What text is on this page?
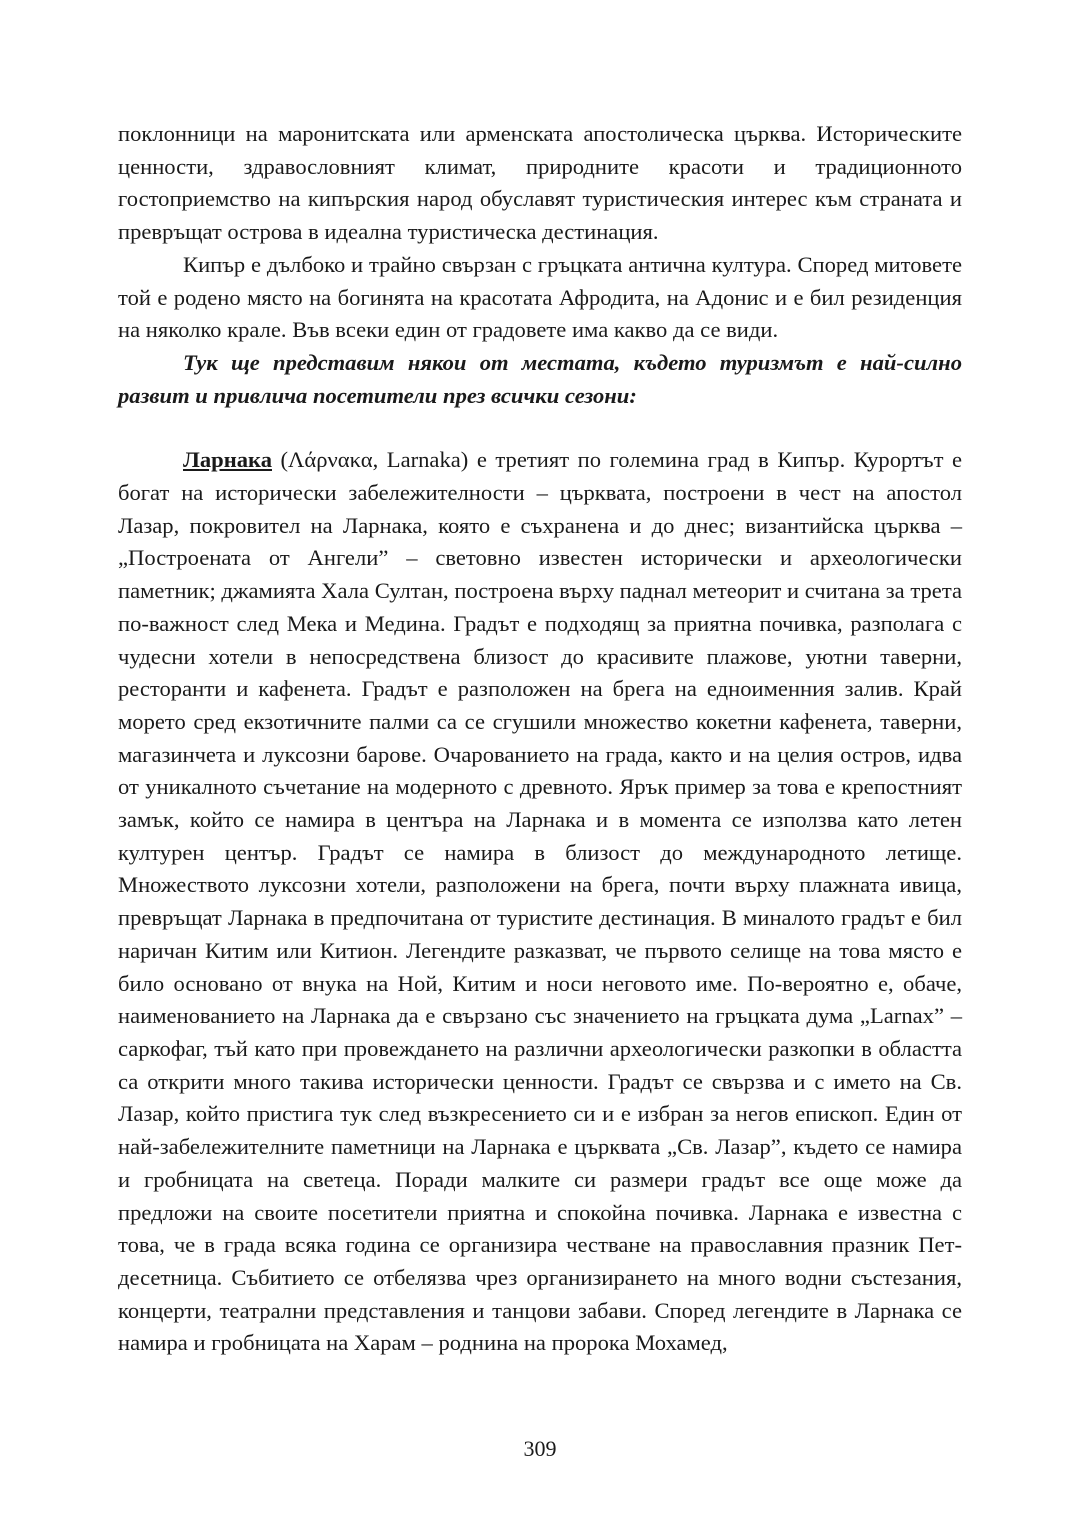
поклонници на маронитската или арменската апостолическа църква. Историческите ценности, здравословният климат, природните красоти и традиционното гостоприемство на кипърския народ обуславят туристическия интерес към страната и превръщат острова в идеална туристическа дестинация.

Кипър е дълбоко и трайно свързан с гръцката антична култура. Според митовете той е родено място на богинята на красотата Афродита, на Адонис и е бил резиденция на няколко крале. Във всеки един от градовете има какво да се види.

Тук ще представим някои от местата, където туризмът е най-силно развит и привлича посетители през всички сезони:

Ларнака (Λάρνακα, Larnaka) е третият по големина град в Кипър. Курортът е богат на исторически забележителности – църквата, построени в чест на апостол Лазар, покровител на Ларнака, която е съхранена и до днес; византийска църква – „Построената от Ангели” – световно известен исторически и археологически паметник; джамията Хала Султан, построена върху паднал метеорит и считана за трета по-важност след Мека и Медина. Градът е подходящ за приятна почивка, разполага с чудесни хотели в непосредствена близост до красивите плажове, уютни таверни, ресторанти и кафенета. Градът е разположен на брега на едноименния залив. Край морето сред екзотичните палми са се сгушили множество кокетни кафенета, таверни, магазинчета и луксозни барове. Очарованието на града, както и на целия остров, идва от уникалното съчетание на модерното с древното. Ярък пример за това е крепостният замък, който се намира в центъра на Ларнака и в момента се използва като летен културен център. Градът се намира в близост до международното летище. Множеството луксозни хотели, разположени на брега, почти върху плажната ивица, превръщат Ларнака в предпочитана от туристите дестинация. В миналото градът е бил наричан Китим или Китион. Легендите разказват, че първото селище на това място е било основано от внука на Ной, Китим и носи неговото име. По-вероятно е, обаче, наименованието на Ларнака да е свързано със значението на гръцката дума „Larnax” – саркофаг, тъй като при провеждането на различни археологически разкопки в областта са открити много такива исторически ценности. Градът се свързва и с името на Св. Лазар, който пристига тук след възкресението си и е избран за негов епископ. Един от най-забележителните паметници на Ларнака е църквата „Св. Лазар”, където се намира и гробницата на светеца. Поради малките си размери градът все още може да предложи на своите посетители приятна и спокойна почивка. Ларнака е известна с това, че в града всяка година се организира честване на православния празник Петдесетница. Събитието се отбелязва чрез организирането на много водни състезания, концерти, театрални представления и танцови забави. Според легендите в Ларнака се намира и гробницата на Харам – роднина на пророка Мохамед,

309
